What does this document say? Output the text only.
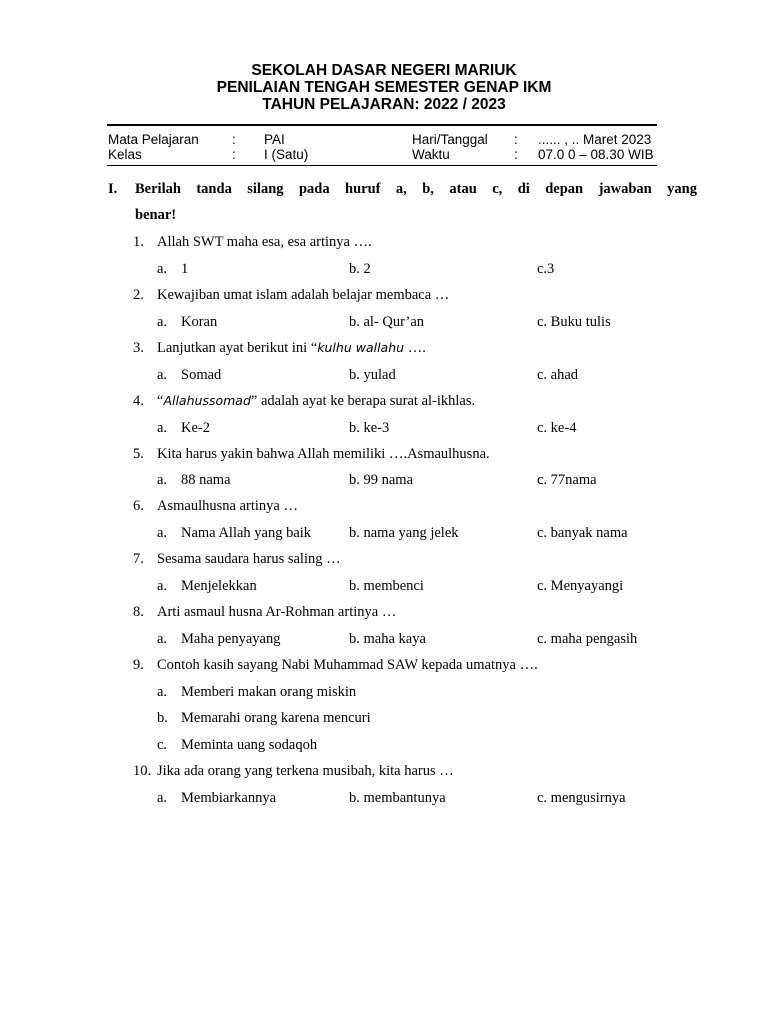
SEKOLAH DASAR NEGERI MARIUK
PENILAIAN TENGAH SEMESTER GENAP IKM
TAHUN PELAJARAN: 2022 / 2023
Mata Pelajaran : PAI	Hari/Tanggal : ...... , .. Maret 2023
Kelas	: I (Satu)	Waktu	: 07.0 0 – 08.30 WIB
I. Berilah tanda silang pada huruf a, b, atau c, di depan jawaban yang
benar!
1. Allah SWT maha esa, esa artinya ….
a. 1	b. 2	c.3
2. Kewajiban umat islam adalah belajar membaca …
a. Koran	b. al- Qur’an	c. Buku tulis
3. Lanjutkan ayat berikut ini “kulhu wallahu ….
a. Somad	b. yulad	c. ahad
4. “Allahussomad” adalah ayat ke berapa surat al-ikhlas.
a. Ke-2	b. ke-3	c. ke-4
5. Kita harus yakin bahwa Allah memiliki ….Asmaulhusna.
a. 88 nama	b. 99 nama	c. 77nama
6. Asmaulhusna artinya …
a. Nama Allah yang baik	b. nama yang jelek	c. banyak nama
7. Sesama saudara harus saling …
a. Menjelekkan	b. membenci	c. Menyayangi
8. Arti asmaul husna Ar-Rohman artinya …
a. Maha penyayang	b. maha kaya	c. maha pengasih
9. Contoh kasih sayang Nabi Muhammad SAW kepada umatnya ….
a. Memberi makan orang miskin
b. Memarahi orang karena mencuri
c. Meminta uang sodaqoh
10. Jika ada orang yang terkena musibah, kita harus …
a. Membiarkannya	b. membantunya	c. mengusirnya
